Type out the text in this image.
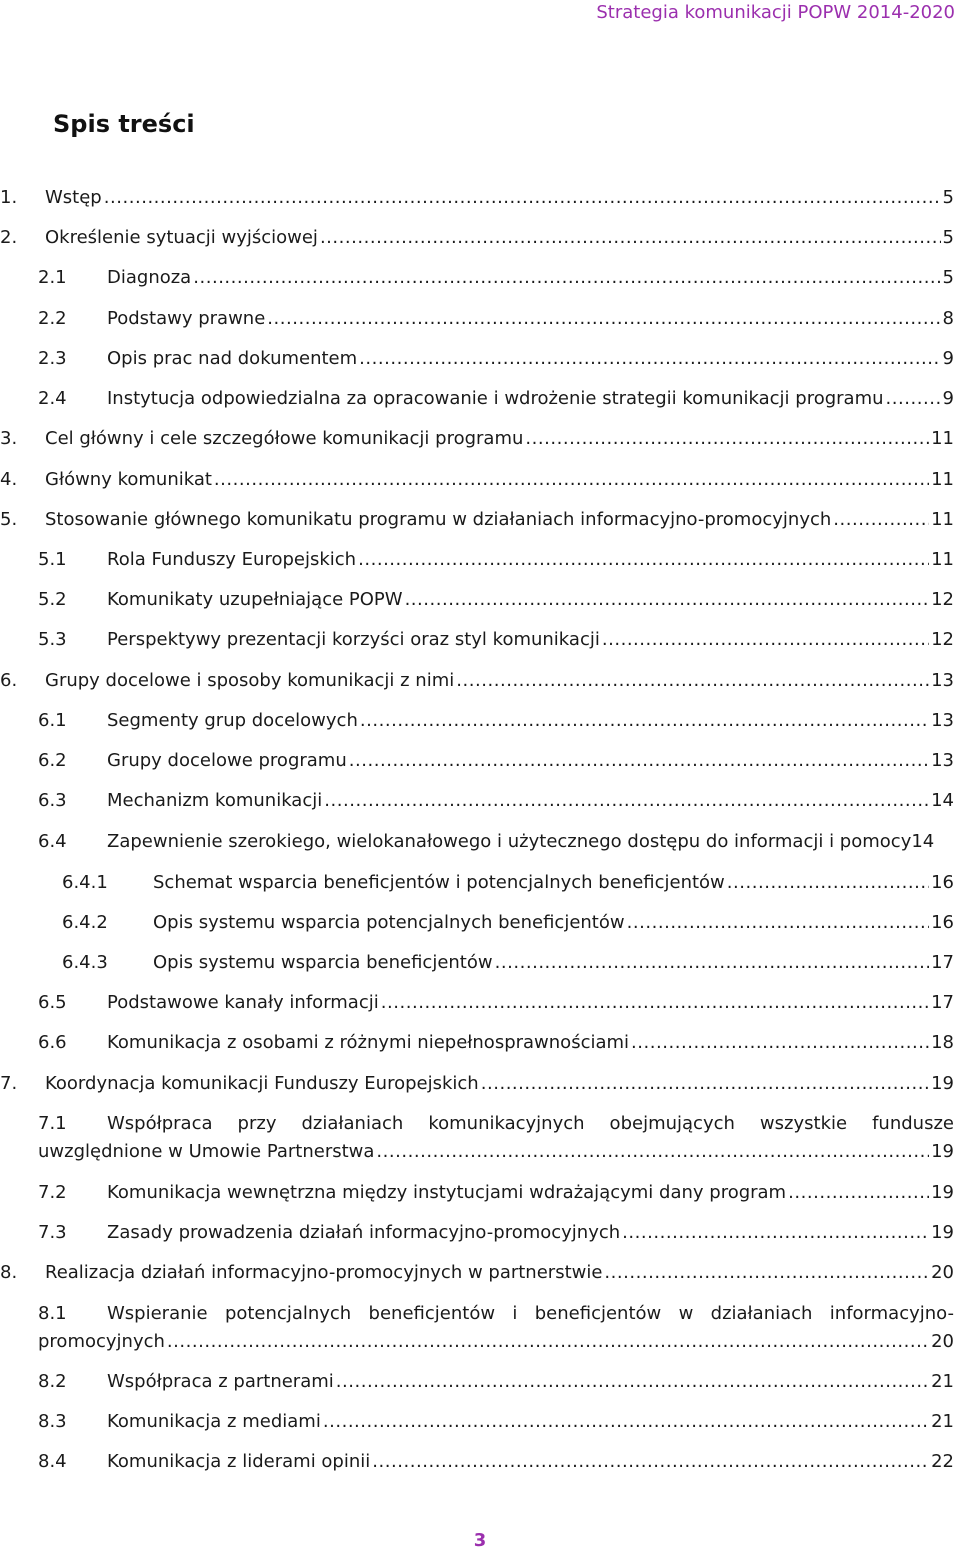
Strategia komunikacji POPW 2014-2020
Spis treści
1.	Wstęp . . .	5
2.	Określenie sytuacji wyjściowej . . .	5
2.1	Diagnoza . . .	5
2.2	Podstawy prawne . . .	8
2.3	Opis prac nad dokumentem . . .	9
2.4	Instytucja odpowiedzialna za opracowanie i wdrożenie strategii komunikacji programu . . .	9
3.	Cel główny i cele szczegółowe komunikacji programu . . .	11
4.	Główny komunikat . . .	11
5.	Stosowanie głównego komunikatu programu w działaniach informacyjno-promocyjnych . . .	11
5.1	Rola Funduszy Europejskich . . .	11
5.2	Komunikaty uzupełniające POPW . . .	12
5.3	Perspektywy prezentacji korzyści oraz styl komunikacji . . .	12
6.	Grupy docelowe i sposoby komunikacji z nimi . . .	13
6.1	Segmenty grup docelowych . . .	13
6.2	Grupy docelowe programu . . .	13
6.3	Mechanizm komunikacji . . .	14
6.4	Zapewnienie szerokiego, wielokanałowego i użytecznego dostępu do informacji i pomocy 14
6.4.1	Schemat wsparcia beneficjentów i potencjalnych beneficjentów . . .	16
6.4.2	Opis systemu wsparcia potencjalnych beneficjentów . . .	16
6.4.3	Opis systemu wsparcia beneficjentów . . .	17
6.5	Podstawowe kanały informacji . . .	17
6.6	Komunikacja z osobami z różnymi niepełnosprawnościami . . .	18
7.	Koordynacja komunikacji Funduszy Europejskich . . .	19
7.1	Współpraca przy działaniach komunikacyjnych obejmujących wszystkie fundusze
uwzględnione w Umowie Partnerstwa . . .	19
7.2	Komunikacja wewnętrzna między instytucjami wdrażającymi dany program . . .	19
7.3	Zasady prowadzenia działań informacyjno-promocyjnych . . .	19
8.	Realizacja działań informacyjno-promocyjnych w partnerstwie . . .	20
8.1	Wspieranie potencjalnych beneficjentów i beneficjentów w działaniach informacyjno-
promocyjnych . . .	20
8.2	Współpraca z partnerami . . .	21
8.3	Komunikacja z mediami . . .	21
8.4	Komunikacja z liderami opinii . . .	22
3
